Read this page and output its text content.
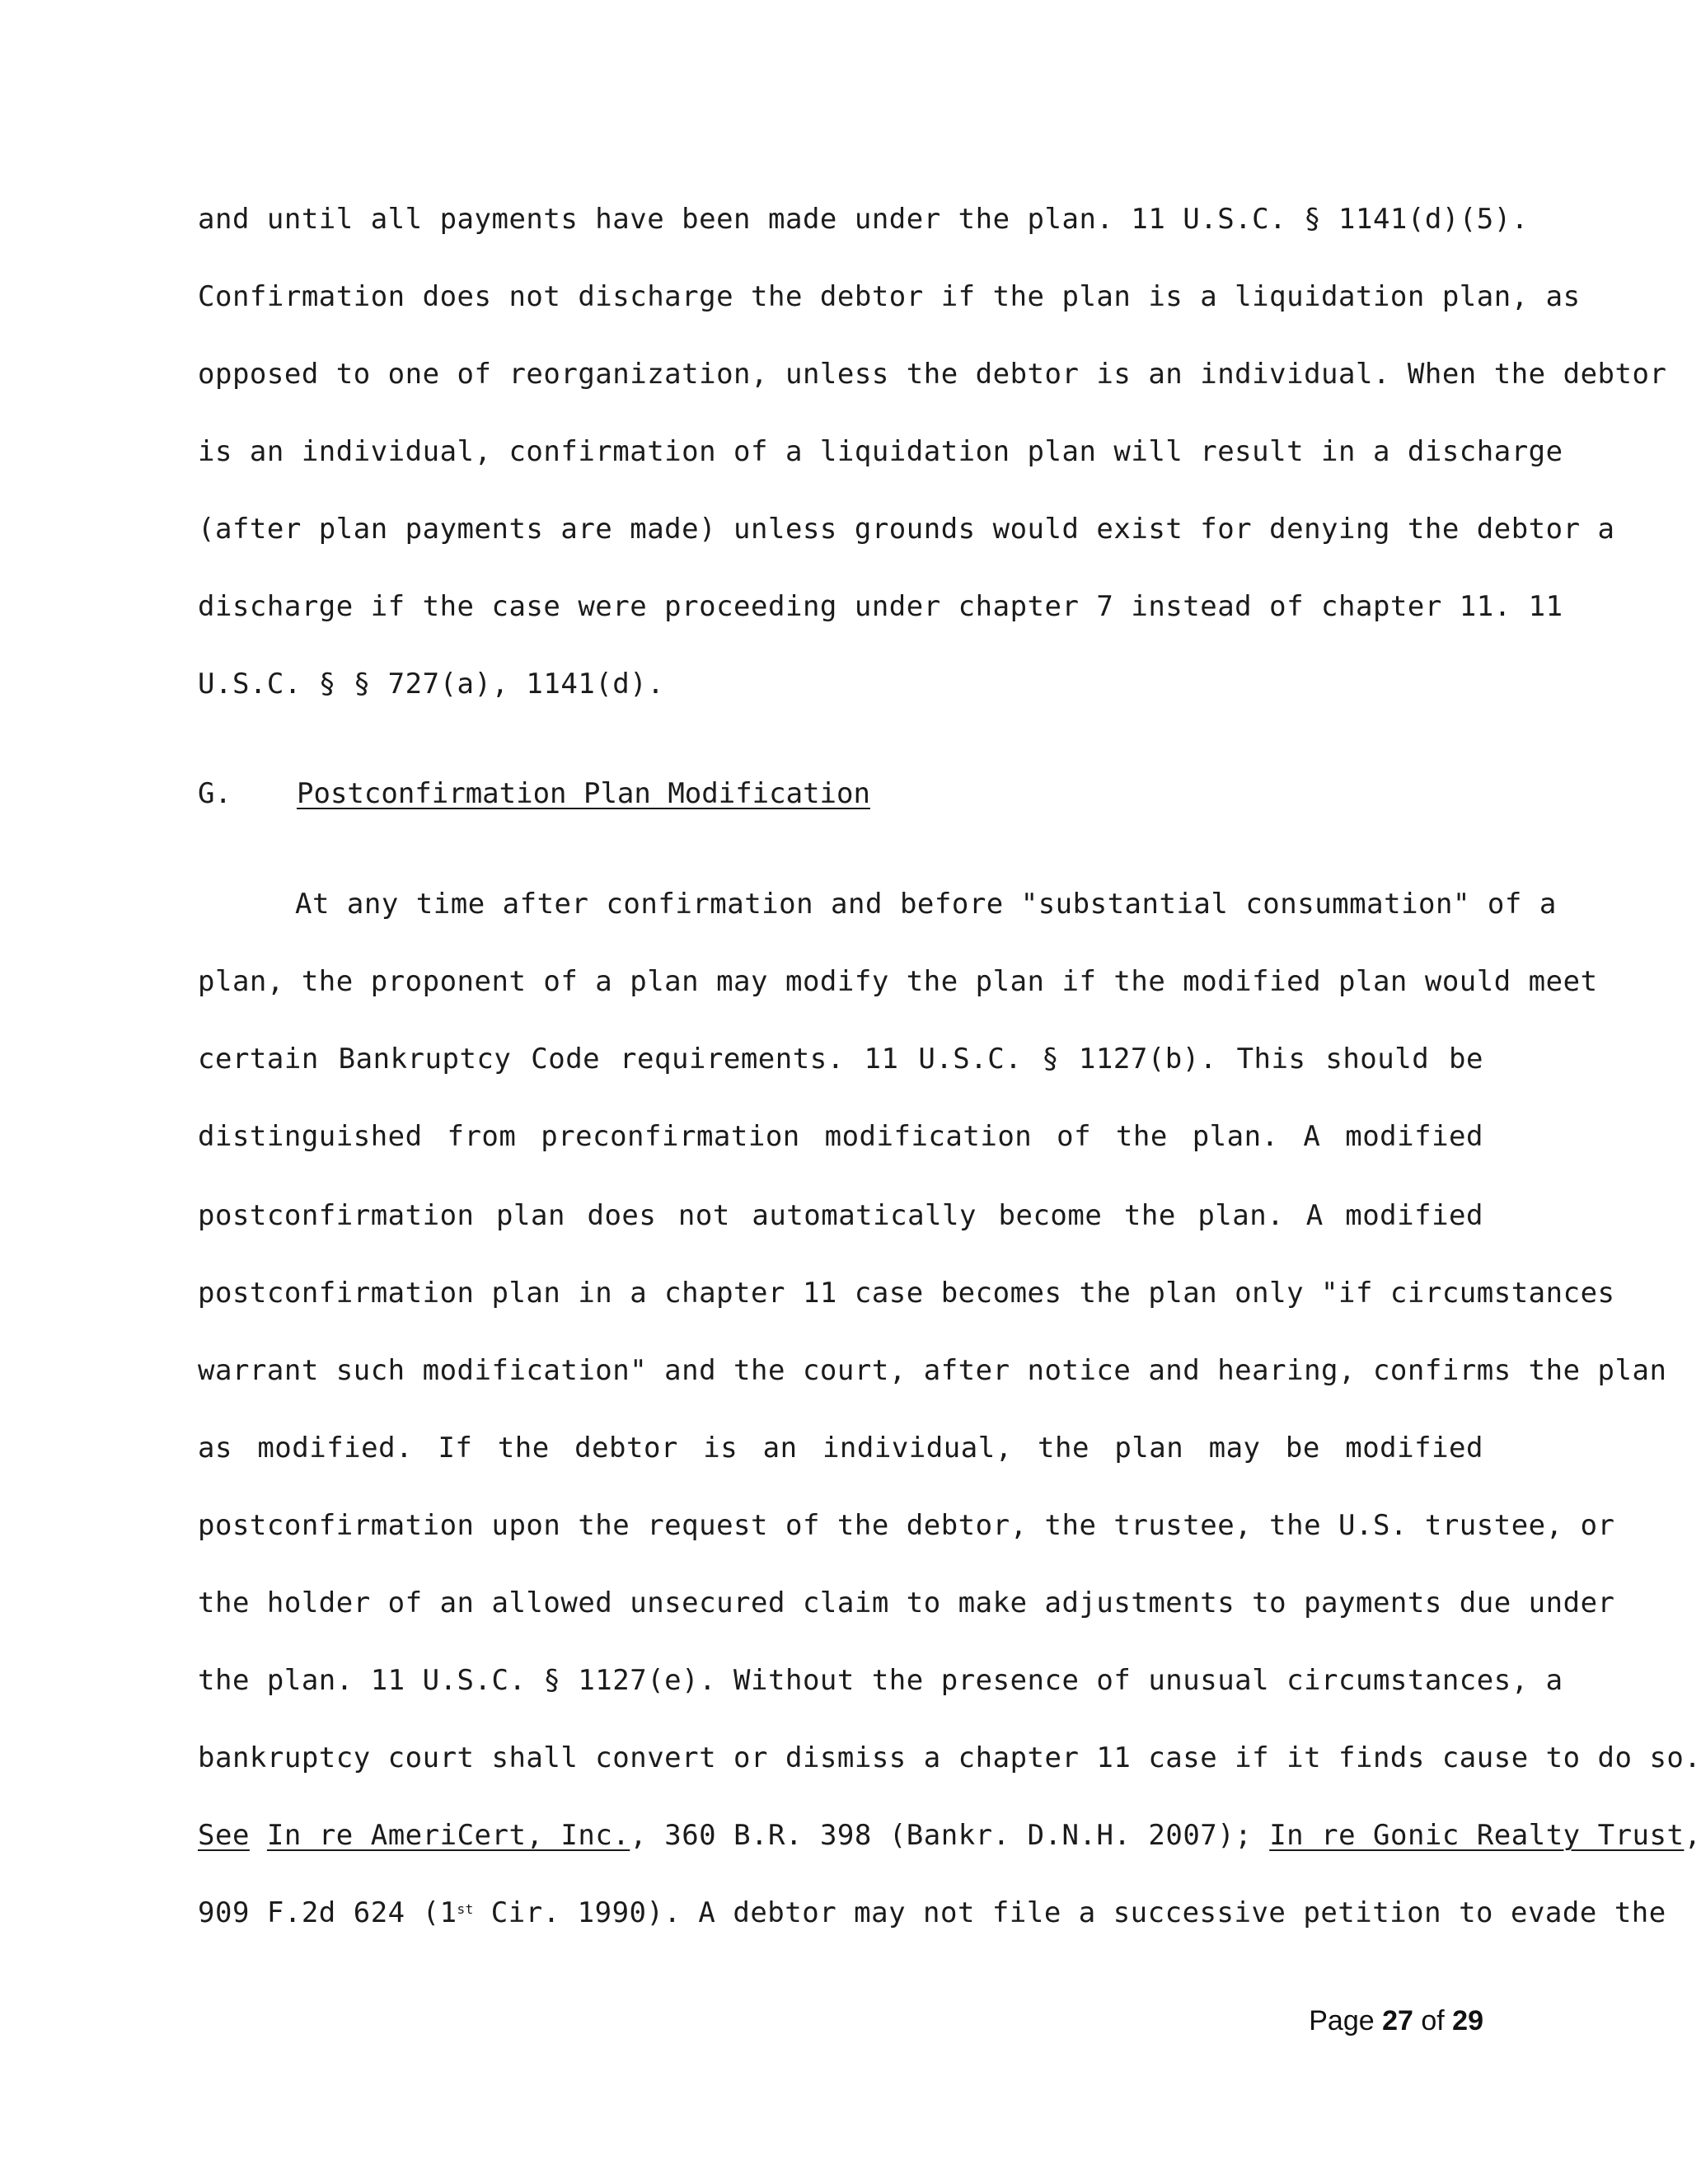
and until all payments have been made under the plan. 11 U.S.C. § 1141(d)(5).
Confirmation does not discharge the debtor if the plan is a liquidation plan, as
opposed to one of reorganization, unless the debtor is an individual. When the debtor
is an individual, confirmation of a liquidation plan will result in a discharge
(after plan payments are made) unless grounds would exist for denying the debtor a
discharge if the case were proceeding under chapter 7 instead of chapter 11. 11
U.S.C. § § 727(a), 1141(d).
G. Postconfirmation Plan Modification
At any time after confirmation and before "substantial consummation" of a
plan, the proponent of a plan may modify the plan if the modified plan would meet
certain Bankruptcy Code requirements. 11 U.S.C. § 1127(b). This should be
distinguished from preconfirmation modification of the plan. A modified
postconfirmation plan does not automatically become the plan. A modified
postconfirmation plan in a chapter 11 case becomes the plan only "if circumstances
warrant such modification" and the court, after notice and hearing, confirms the plan
as modified. If the debtor is an individual, the plan may be modified
postconfirmation upon the request of the debtor, the trustee, the U.S. trustee, or
the holder of an allowed unsecured claim to make adjustments to payments due under
the plan. 11 U.S.C. § 1127(e). Without the presence of unusual circumstances, a
bankruptcy court shall convert or dismiss a chapter 11 case if it finds cause to do so.
See In re AmeriCert, Inc., 360 B.R. 398 (Bankr. D.N.H. 2007); In re Gonic Realty Trust,
909 F.2d 624 (1st Cir. 1990). A debtor may not file a successive petition to evade the
Page 27 of 29
